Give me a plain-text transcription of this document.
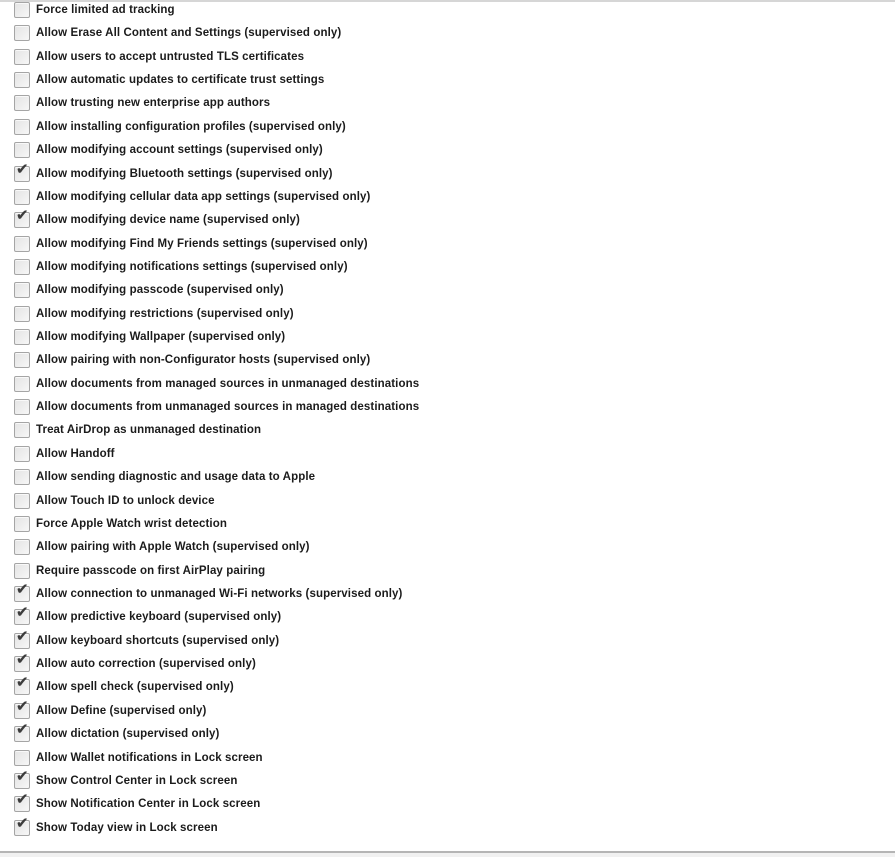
Force limited ad tracking
Allow Erase All Content and Settings (supervised only)
Allow users to accept untrusted TLS certificates
Allow automatic updates to certificate trust settings
Allow trusting new enterprise app authors
Allow installing configuration profiles (supervised only)
Allow modifying account settings (supervised only)
✔ Allow modifying Bluetooth settings (supervised only)
Allow modifying cellular data app settings (supervised only)
✔ Allow modifying device name (supervised only)
Allow modifying Find My Friends settings (supervised only)
Allow modifying notifications settings (supervised only)
Allow modifying passcode (supervised only)
Allow modifying restrictions (supervised only)
Allow modifying Wallpaper (supervised only)
Allow pairing with non-Configurator hosts (supervised only)
Allow documents from managed sources in unmanaged destinations
Allow documents from unmanaged sources in managed destinations
Treat AirDrop as unmanaged destination
Allow Handoff
Allow sending diagnostic and usage data to Apple
Allow Touch ID to unlock device
Force Apple Watch wrist detection
Allow pairing with Apple Watch (supervised only)
Require passcode on first AirPlay pairing
✔ Allow connection to unmanaged Wi-Fi networks (supervised only)
✔ Allow predictive keyboard (supervised only)
✔ Allow keyboard shortcuts (supervised only)
✔ Allow auto correction (supervised only)
✔ Allow spell check (supervised only)
✔ Allow Define (supervised only)
✔ Allow dictation (supervised only)
Allow Wallet notifications in Lock screen
✔ Show Control Center in Lock screen
✔ Show Notification Center in Lock screen
✔ Show Today view in Lock screen
